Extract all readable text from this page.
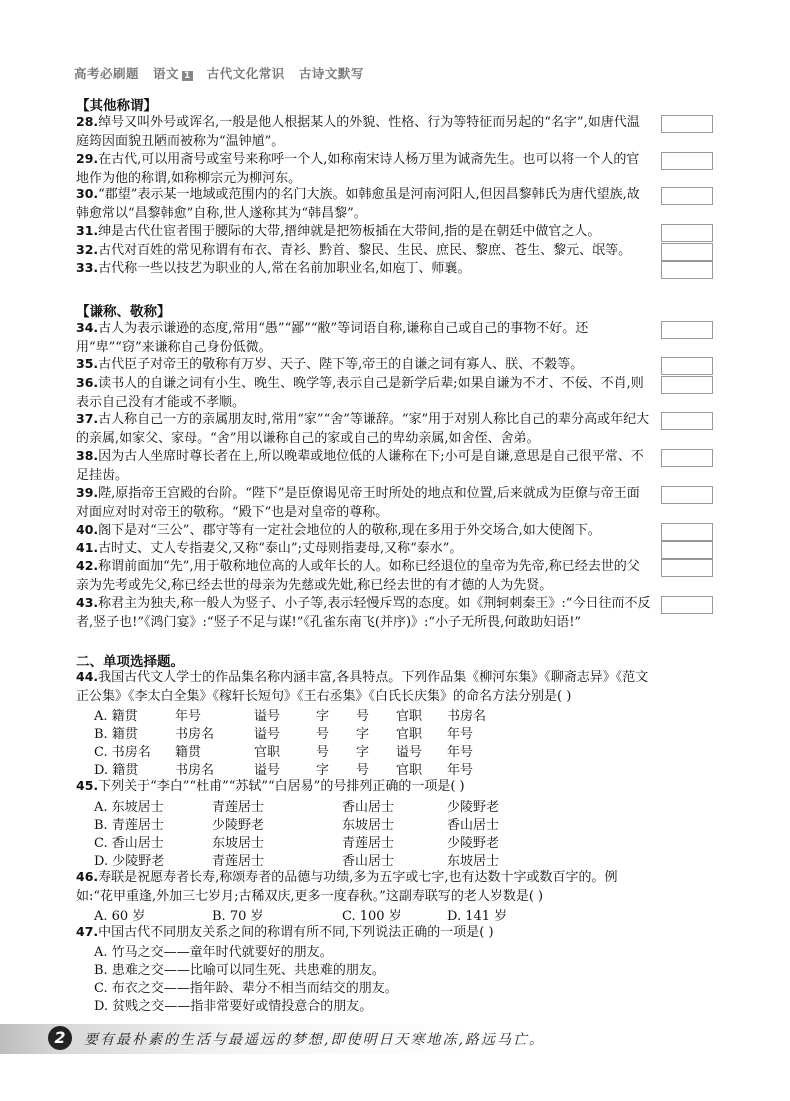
高考必刷题 语文 1 古代文化常识 古诗文默写
【其他称谓】
28.绰号又叫外号或诨名,一般是他人根据某人的外貌、性格、行为等特征而另起的“名字”,如唐代温庭筠因面貌丑陋而被称为“温钟馗”。
29.在古代,可以用斋号或室号来称呼一个人,如称南宋诗人杨万里为诚斋先生。也可以将一个人的官地作为他的称谓,如称柳宗元为柳河东。
30.“郡望”表示某一地域或范围内的名门大族。如韩愈虽是河南河阳人,但因昌黎韩氏为唐代望族,故韩愈常以“昌黎韩愈”自称,世人遂称其为“韩昌黎”。
31.绅是古代仕宦者围于腰际的大带,搢绅就是把笏板插在大带间,指的是在朝廷中做官之人。
32.古代对百姓的常见称谓有布衣、青衫、黔首、黎民、生民、庶民、黎庶、苍生、黎元、氓等。
33.古代称一些以技艺为职业的人,常在名前加职业名,如庖丁、师襄。
【谦称、敬称】
34.古人为表示谦逊的态度,常用“愚”“鄙”“敝”等词语自称,谦称自己或自己的事物不好。还用“卑”“窃”来谦称自己身份低微。
35.古代臣子对帝王的敬称有万岁、天子、陛下等,帝王的自谦之词有寡人、朕、不穀等。
36.读书人的自谦之词有小生、晚生、晚学等,表示自己是新学后辈;如果自谦为不才、不佞、不肖,则表示自己没有才能或不孝顺。
37.古人称自己一方的亲属朋友时,常用“家”“舍”等谦辞。“家”用于对别人称比自己的辈分高或年纪大的亲属,如家父、家母。“舍”用以谦称自己的家或自己的卑幼亲属,如舍侄、舍弟。
38.因为古人坐席时尊长者在上,所以晚辈或地位低的人谦称在下;小可是自谦,意思是自己很平常、不足挂齿。
39.陛,原指帝王宫殿的台阶。“陛下”是臣僚谒见帝王时所处的地点和位置,后来就成为臣僚与帝王面对面应对时对帝王的敬称。“殿下”也是对皇帝的尊称。
40.阁下是对“三公”、郡守等有一定社会地位的人的敬称,现在多用于外交场合,如大使阁下。
41.古时丈、丈人专指妻父,又称“泰山”;丈母则指妻母,又称“泰水”。
42.称谓前面加“先”,用于敬称地位高的人或年长的人。如称已经退位的皇帝为先帝,称已经去世的父亲为先考或先父,称已经去世的母亲为先慈或先妣,称已经去世的有才德的人为先贤。
43.称君主为独夫,称一般人为竖子、小子等,表示轻慢斥骂的态度。如《荆轲刺秦王》:“今日往而不反者,竖子也!”《鸿门宴》:“竖子不足与谋!”《孔雀东南飞(并序)》:“小子无所畏,何敢助妇语!”
二、单项选择题。
44.我国古代文人学士的作品集名称内涵丰富,各具特点。下列作品集《柳河东集》《聊斋志异》《范文正公集》《李太白全集》《稼轩长短句》《王右丞集》《白氏长庆集》的命名方法分别是( )
A. 籍贯	年号	谥号	字 号 官职 书房名
B. 籍贯	书房名	谥号	号 字 官职 年号
C. 书房名 籍贯	官职	号 字 谥号 年号
D. 籍贯	书房名	谥号	字 号 官职 年号
45.下列关于“李白”“杜甫”“苏轼”“白居易”的号排列正确的一项是( )
A. 东坡居士	青莲居士	香山居士	少陵野老
B. 青莲居士	少陵野老	东坡居士	香山居士
C. 香山居士	东坡居士	青莲居士	少陵野老
D. 少陵野老	青莲居士	香山居士	东坡居士
46.寿联是祝愿寿者长寿,称颂寿者的品德与功绩,多为五字或七字,也有达数十字或数百字的。例如:“花甲重逢,外加三七岁月;古稀双庆,更多一度春秋。”这副寿联写的老人岁数是( )
A. 60 岁	B. 70 岁	C. 100 岁	D. 141 岁
47.中国古代不同朋友关系之间的称谓有所不同,下列说法正确的一项是( )
A. 竹马之交——童年时代就要好的朋友。
B. 患难之交——比喻可以同生死、共患难的朋友。
C. 布衣之交——指年龄、辈分不相当而结交的朋友。
D. 贫贱之交——指非常要好或情投意合的朋友。
2	要有最朴素的生活与最遥远的梦想,即使明日天寒地冻,路远马亡。
